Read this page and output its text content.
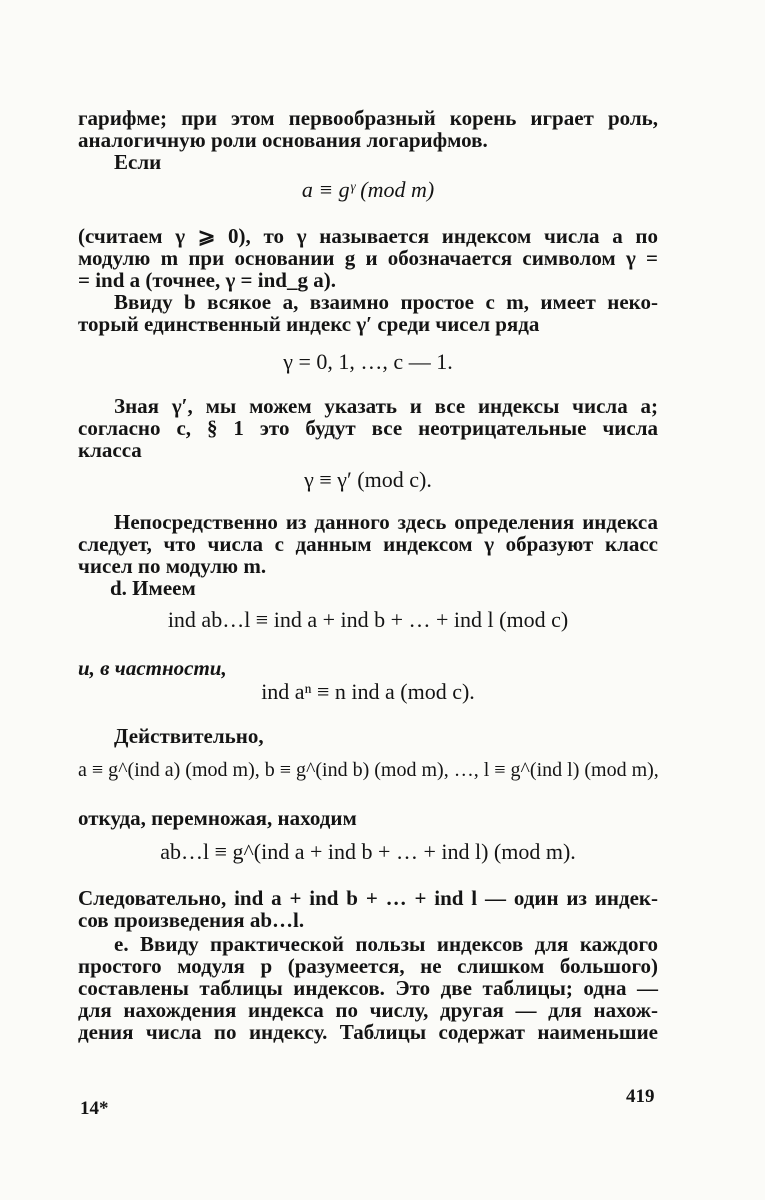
гарифме; при этом первообразный корень играет роль,
аналогичную роли основания логарифмов.
Если
a ≡ gᵞ (mod m)
(считаем γ ⩾ 0), то γ называется индексом числа a по
модулю m при основании g и обозначается символом γ =
= ind a (точнее, γ = ind_g a).
Ввиду b всякое a, взаимно простое с m, имеет неко-
торый единственный индекс γ′ среди чисел ряда
γ = 0, 1, …, c — 1.
Зная γ′, мы можем указать и все индексы числа a;
согласно c, § 1 это будут все неотрицательные числа
класса
γ ≡ γ′ (mod c).
Непосредственно из данного здесь определения индекса
следует, что числа с данным индексом γ образуют класс
чисел по модулю m.
d. Имеем
ind ab…l ≡ ind a + ind b + … + ind l (mod c)
и, в частности,
ind aⁿ ≡ n ind a (mod c).
Действительно,
a ≡ g^(ind a) (mod m), b ≡ g^(ind b) (mod m), …, l ≡ g^(ind l) (mod m),
откуда, перемножая, находим
ab…l ≡ g^(ind a + ind b + … + ind l) (mod m).
Следовательно, ind a + ind b + … + ind l — один из индек-
сов произведения ab…l.
e. Ввиду практической пользы индексов для каждого
простого модуля p (разумеется, не слишком большого)
составлены таблицы индексов. Это две таблицы; одна —
для нахождения индекса по числу, другая — для нахож-
дения числа по индексу. Таблицы содержат наименьшие
14*
419
